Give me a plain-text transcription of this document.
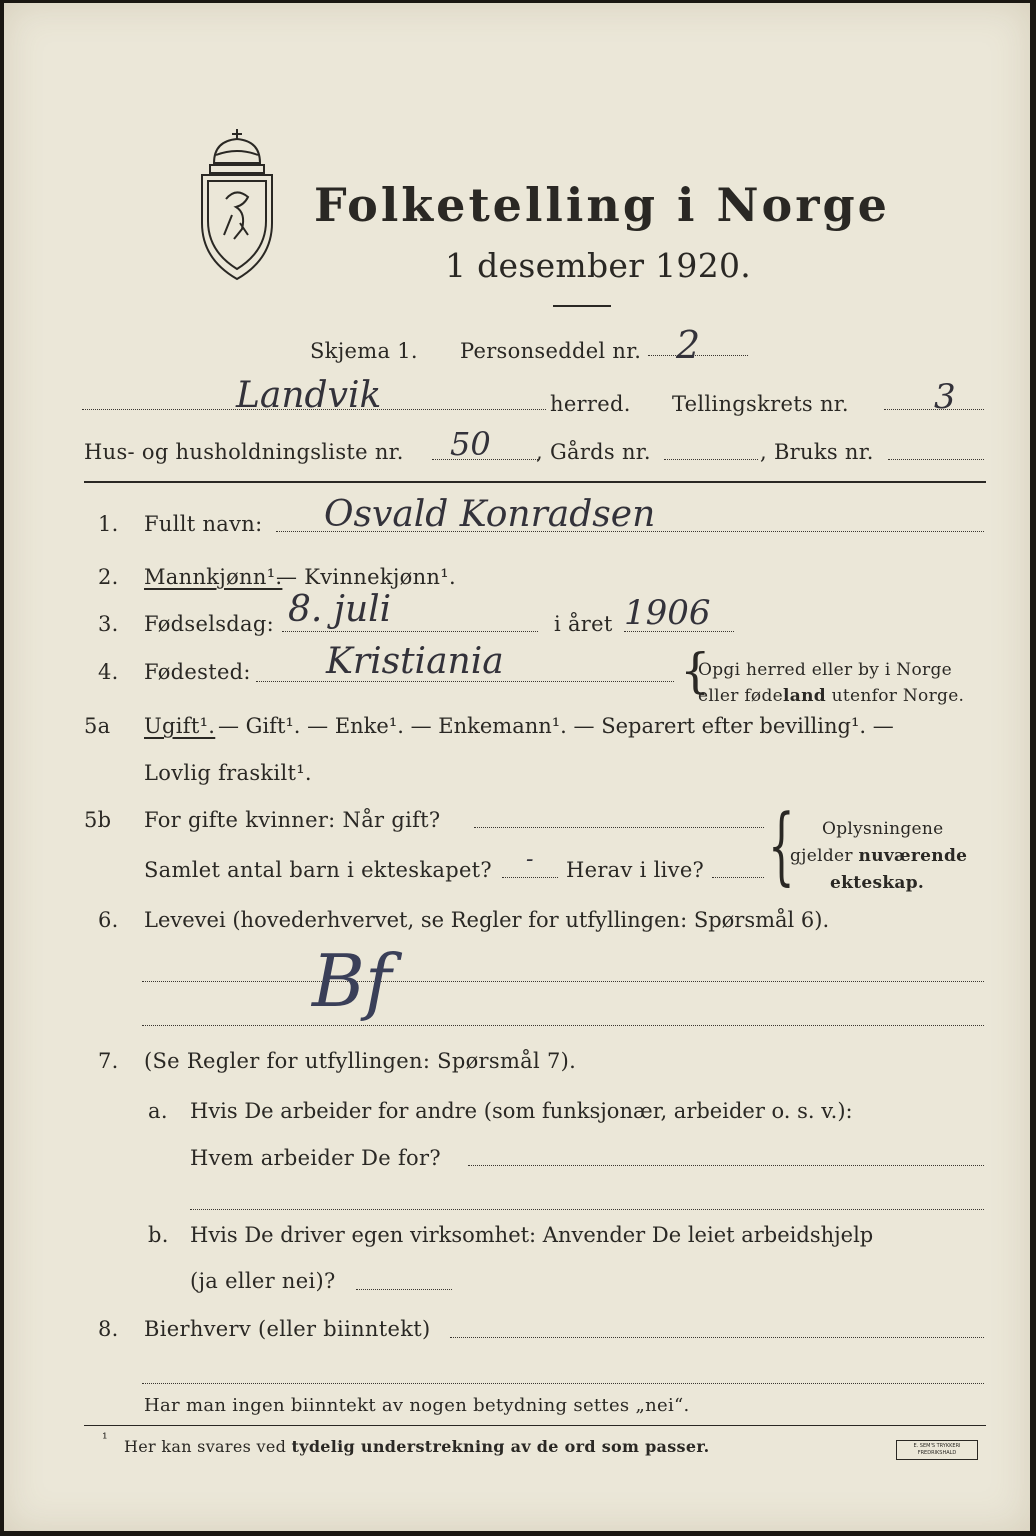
Folketelling i Norge
1 desember 1920.
Skjema 1. Personseddel nr. 2
Landvik	herred. Tellingskrets nr.	3
Hus- og husholdningsliste nr. 50 , Gårds nr.	, Bruks nr.
1. Fullt navn: Osvald Konradsen
2. Mannkjønn¹.
— Kvinnekjønn¹.
3. Fødselsdag: 8. juli	i året 1906
4. Fødested: Kristiania	{
Opgi herred eller by i Norge
eller fødeland utenfor Norge.
5a Ugift¹. — Gift¹. — Enke¹. — Enkemann¹. — Separert efter bevilling¹. —
Lovlig fraskilt¹.
5b For gifte kvinner: Når gift?
Samlet antal barn i ekteskapet? - Herav i live? { Oplysningene
gjelder nuværende
ekteskap.
6. Levevei (hovederhvervet, se Regler for utfyllingen: Spørsmål 6).
Bf
7. (Se Regler for utfyllingen: Spørsmål 7).
a. Hvis De arbeider for andre (som funksjonær, arbeider o. s. v.):
Hvem arbeider De for?
b. Hvis De driver egen virksomhet: Anvender De leiet arbeidshjelp
(ja eller nei)?
8. Bierhverv (eller biinntekt)
Har man ingen biinntekt av nogen betydning settes „nei“.
¹ Her kan svares ved tydelig understrekning av de ord som passer.	E. SEM'S TRYKKERI FREDRIKSHALD
